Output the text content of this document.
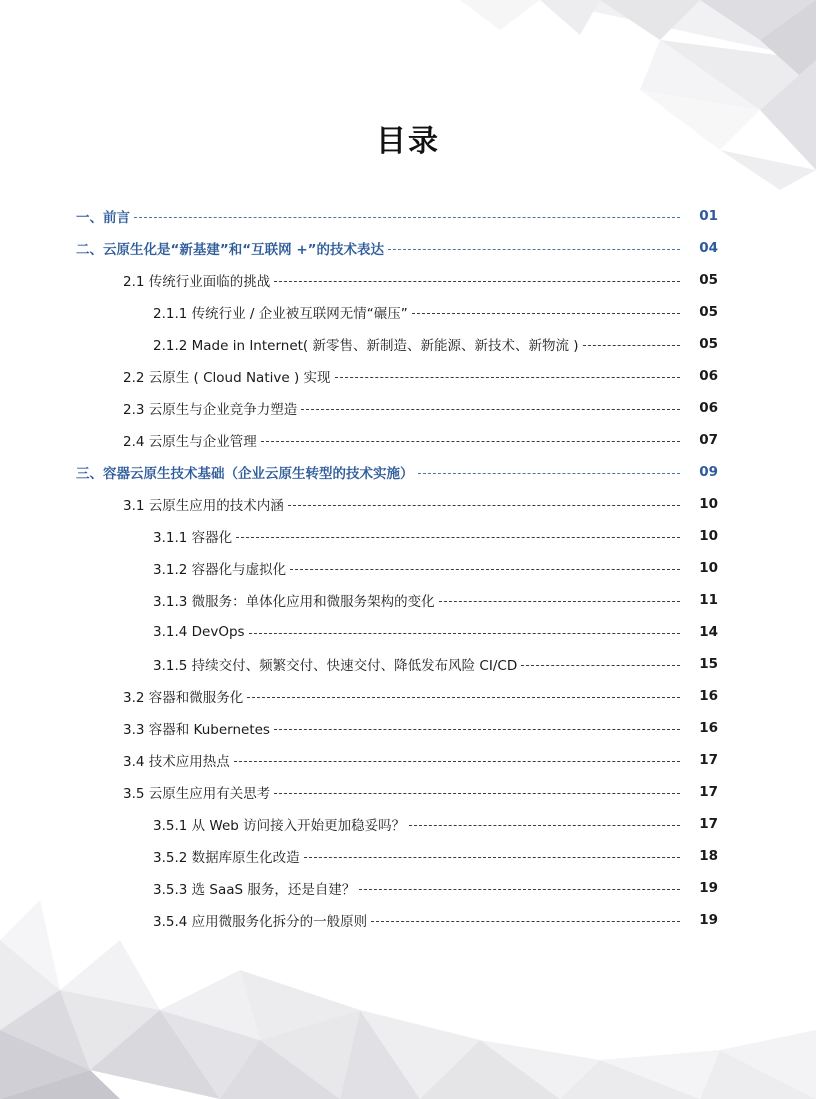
目录
一、前言	01
二、云原生化是“新基建”和“互联网 +”的技术表达	04
2.1 传统行业面临的挑战	05
2.1.1 传统行业 / 企业被互联网无情“碾压”	05
2.1.2 Made in Internet( 新零售、新制造、新能源、新技术、新物流 )	05
2.2 云原生 ( Cloud Native ) 实现	06
2.3 云原生与企业竞争力塑造	06
2.4 云原生与企业管理	07
三、容器云原生技术基础（企业云原生转型的技术实施）	09
3.1 云原生应用的技术内涵	10
3.1.1 容器化	10
3.1.2 容器化与虚拟化	10
3.1.3 微服务：单体化应用和微服务架构的变化	11
3.1.4 DevOps	14
3.1.5 持续交付、频繁交付、快速交付、降低发布风险 CI/CD	15
3.2 容器和微服务化	16
3.3 容器和 Kubernetes	16
3.4 技术应用热点	17
3.5 云原生应用有关思考	17
3.5.1 从 Web 访问接入开始更加稳妥吗？	17
3.5.2 数据库原生化改造	18
3.5.3 选 SaaS 服务，还是自建？	19
3.5.4 应用微服务化拆分的一般原则	19
